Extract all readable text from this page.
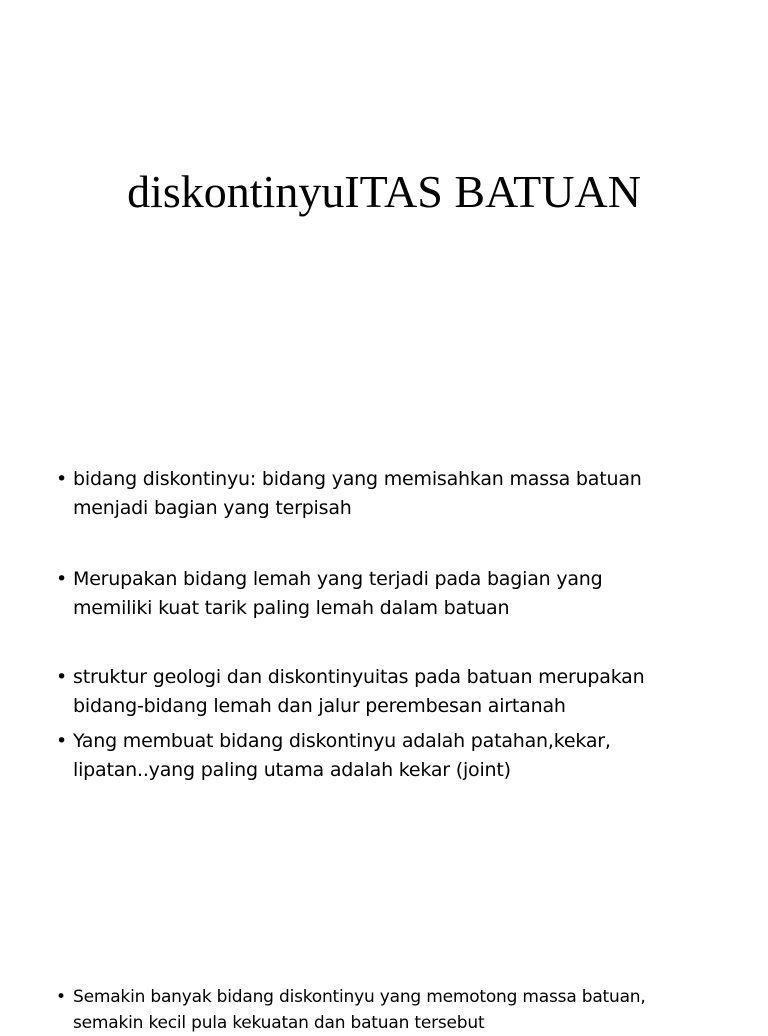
diskontinyuITAS BATUAN
• bidang diskontinyu: bidang yang memisahkan massa batuan
menjadi bagian yang terpisah
• Merupakan bidang lemah yang terjadi pada bagian yang
memiliki kuat tarik paling lemah dalam batuan
• struktur geologi dan diskontinyuitas pada batuan merupakan
bidang-bidang lemah dan jalur perembesan airtanah
• Yang membuat bidang diskontinyu adalah patahan,kekar,
lipatan..yang paling utama adalah kekar (joint)
• Semakin banyak bidang diskontinyu yang memotong massa batuan,
semakin kecil pula kekuatan dan batuan tersebut
